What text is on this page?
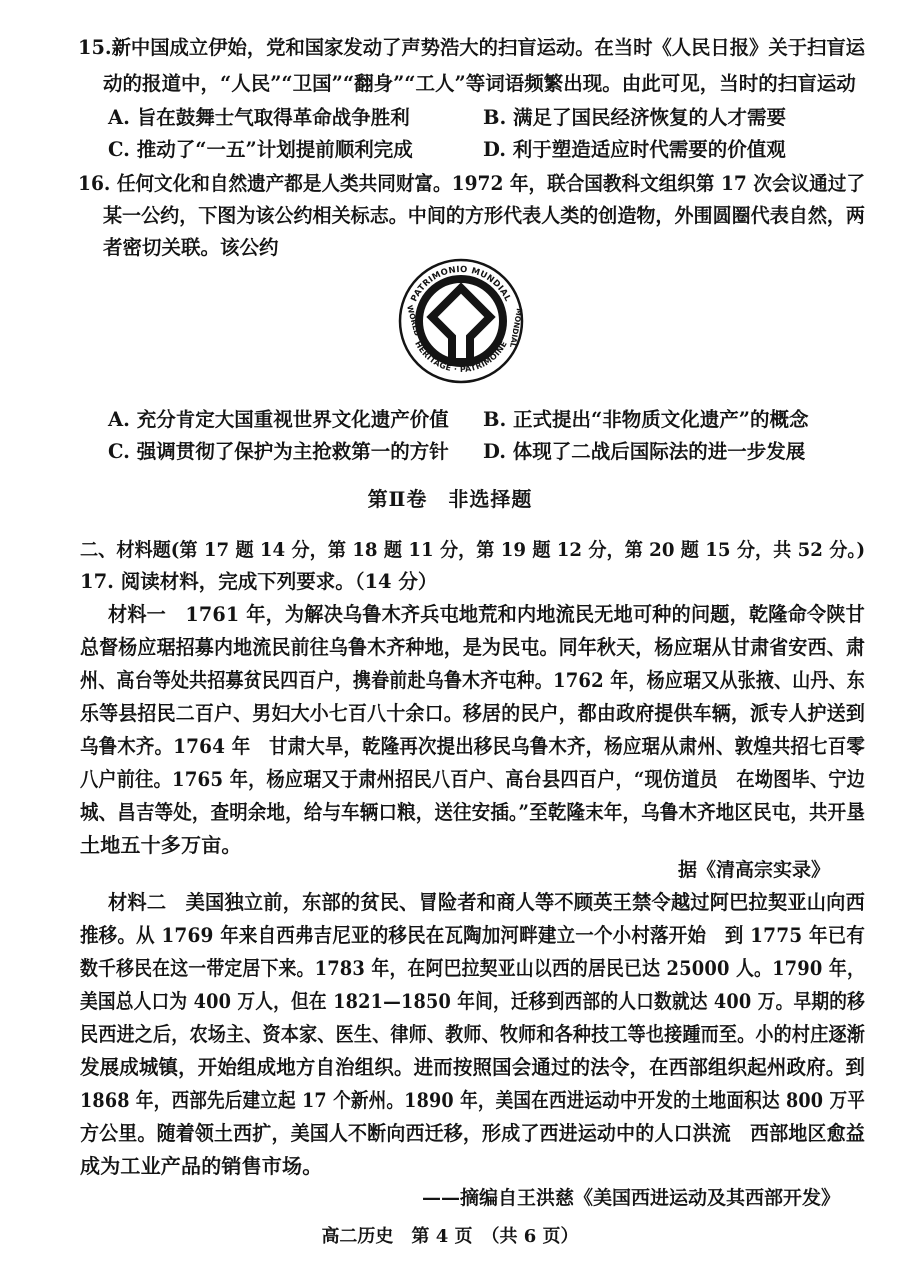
15.新中国成立伊始，党和国家发动了声势浩大的扫盲运动。在当时《人民日报》关于扫盲运
动的报道中，“人民”“卫国”“翻身”“工人”等词语频繁出现。由此可见，当时的扫盲运动
A. 旨在鼓舞士气取得革命战争胜利	B. 满足了国民经济恢复的人才需要
C. 推动了“一五”计划提前顺利完成	D. 利于塑造适应时代需要的价值观
16. 任何文化和自然遗产都是人类共同财富。1972 年，联合国教科文组织第 17 次会议通过了
某一公约，下图为该公约相关标志。中间的方形代表人类的创造物，外围圆圈代表自然，两
者密切关联。该公约
PATRIMONIO MUNDIAL
HERITAGE · PATRIMOINE
WORLD	MONDIAL
A. 充分肯定大国重视世界文化遗产价值 B. 正式提出“非物质文化遗产”的概念
C. 强调贯彻了保护为主抢救第一的方针 D. 体现了二战后国际法的进一步发展
第Ⅱ卷　非选择题
二、材料题(第 17 题 14 分，第 18 题 11 分，第 19 题 12 分，第 20 题 15 分，共 52 分。)
17. 阅读材料，完成下列要求。（14 分）
材料一　1761 年，为解决乌鲁木齐兵屯地荒和内地流民无地可种的问题，乾隆命令陕甘
总督杨应琚招募内地流民前往乌鲁木齐种地，是为民屯。同年秋天，杨应琚从甘肃省安西、肃
州、高台等处共招募贫民四百户，携眷前赴乌鲁木齐屯种。1762 年，杨应琚又从张掖、山丹、东
乐等县招民二百户、男妇大小七百八十余口。移居的民户，都由政府提供车辆，派专人护送到
乌鲁木齐。1764 年　甘肃大旱，乾隆再次提出移民乌鲁木齐，杨应琚从肃州、敦煌共招七百零
八户前往。1765 年，杨应琚又于肃州招民八百户、高台县四百户，“现仿道员　在坳图毕、宁边
城、昌吉等处，查明余地，给与车辆口粮，送往安插。”至乾隆末年，乌鲁木齐地区民屯，共开垦
土地五十多万亩。
据《清高宗实录》
材料二　美国独立前，东部的贫民、冒险者和商人等不顾英王禁令越过阿巴拉契亚山向西
推移。从 1769 年来自西弗吉尼亚的移民在瓦陶加河畔建立一个小村落开始　到 1775 年已有
数千移民在这一带定居下来。1783 年，在阿巴拉契亚山以西的居民已达 25000 人。1790 年，
美国总人口为 400 万人，但在 1821—1850 年间，迁移到西部的人口数就达 400 万。早期的移
民西进之后，农场主、资本家、医生、律师、教师、牧师和各种技工等也接踵而至。小的村庄逐渐
发展成城镇，开始组成地方自治组织。进而按照国会通过的法令，在西部组织起州政府。到
1868 年，西部先后建立起 17 个新州。1890 年，美国在西进运动中开发的土地面积达 800 万平
方公里。随着领土西扩，美国人不断向西迁移，形成了西进运动中的人口洪流　西部地区愈益
成为工业产品的销售市场。
——摘编自王洪慈《美国西进运动及其西部开发》
高二历史　第 4 页　（共 6 页）
